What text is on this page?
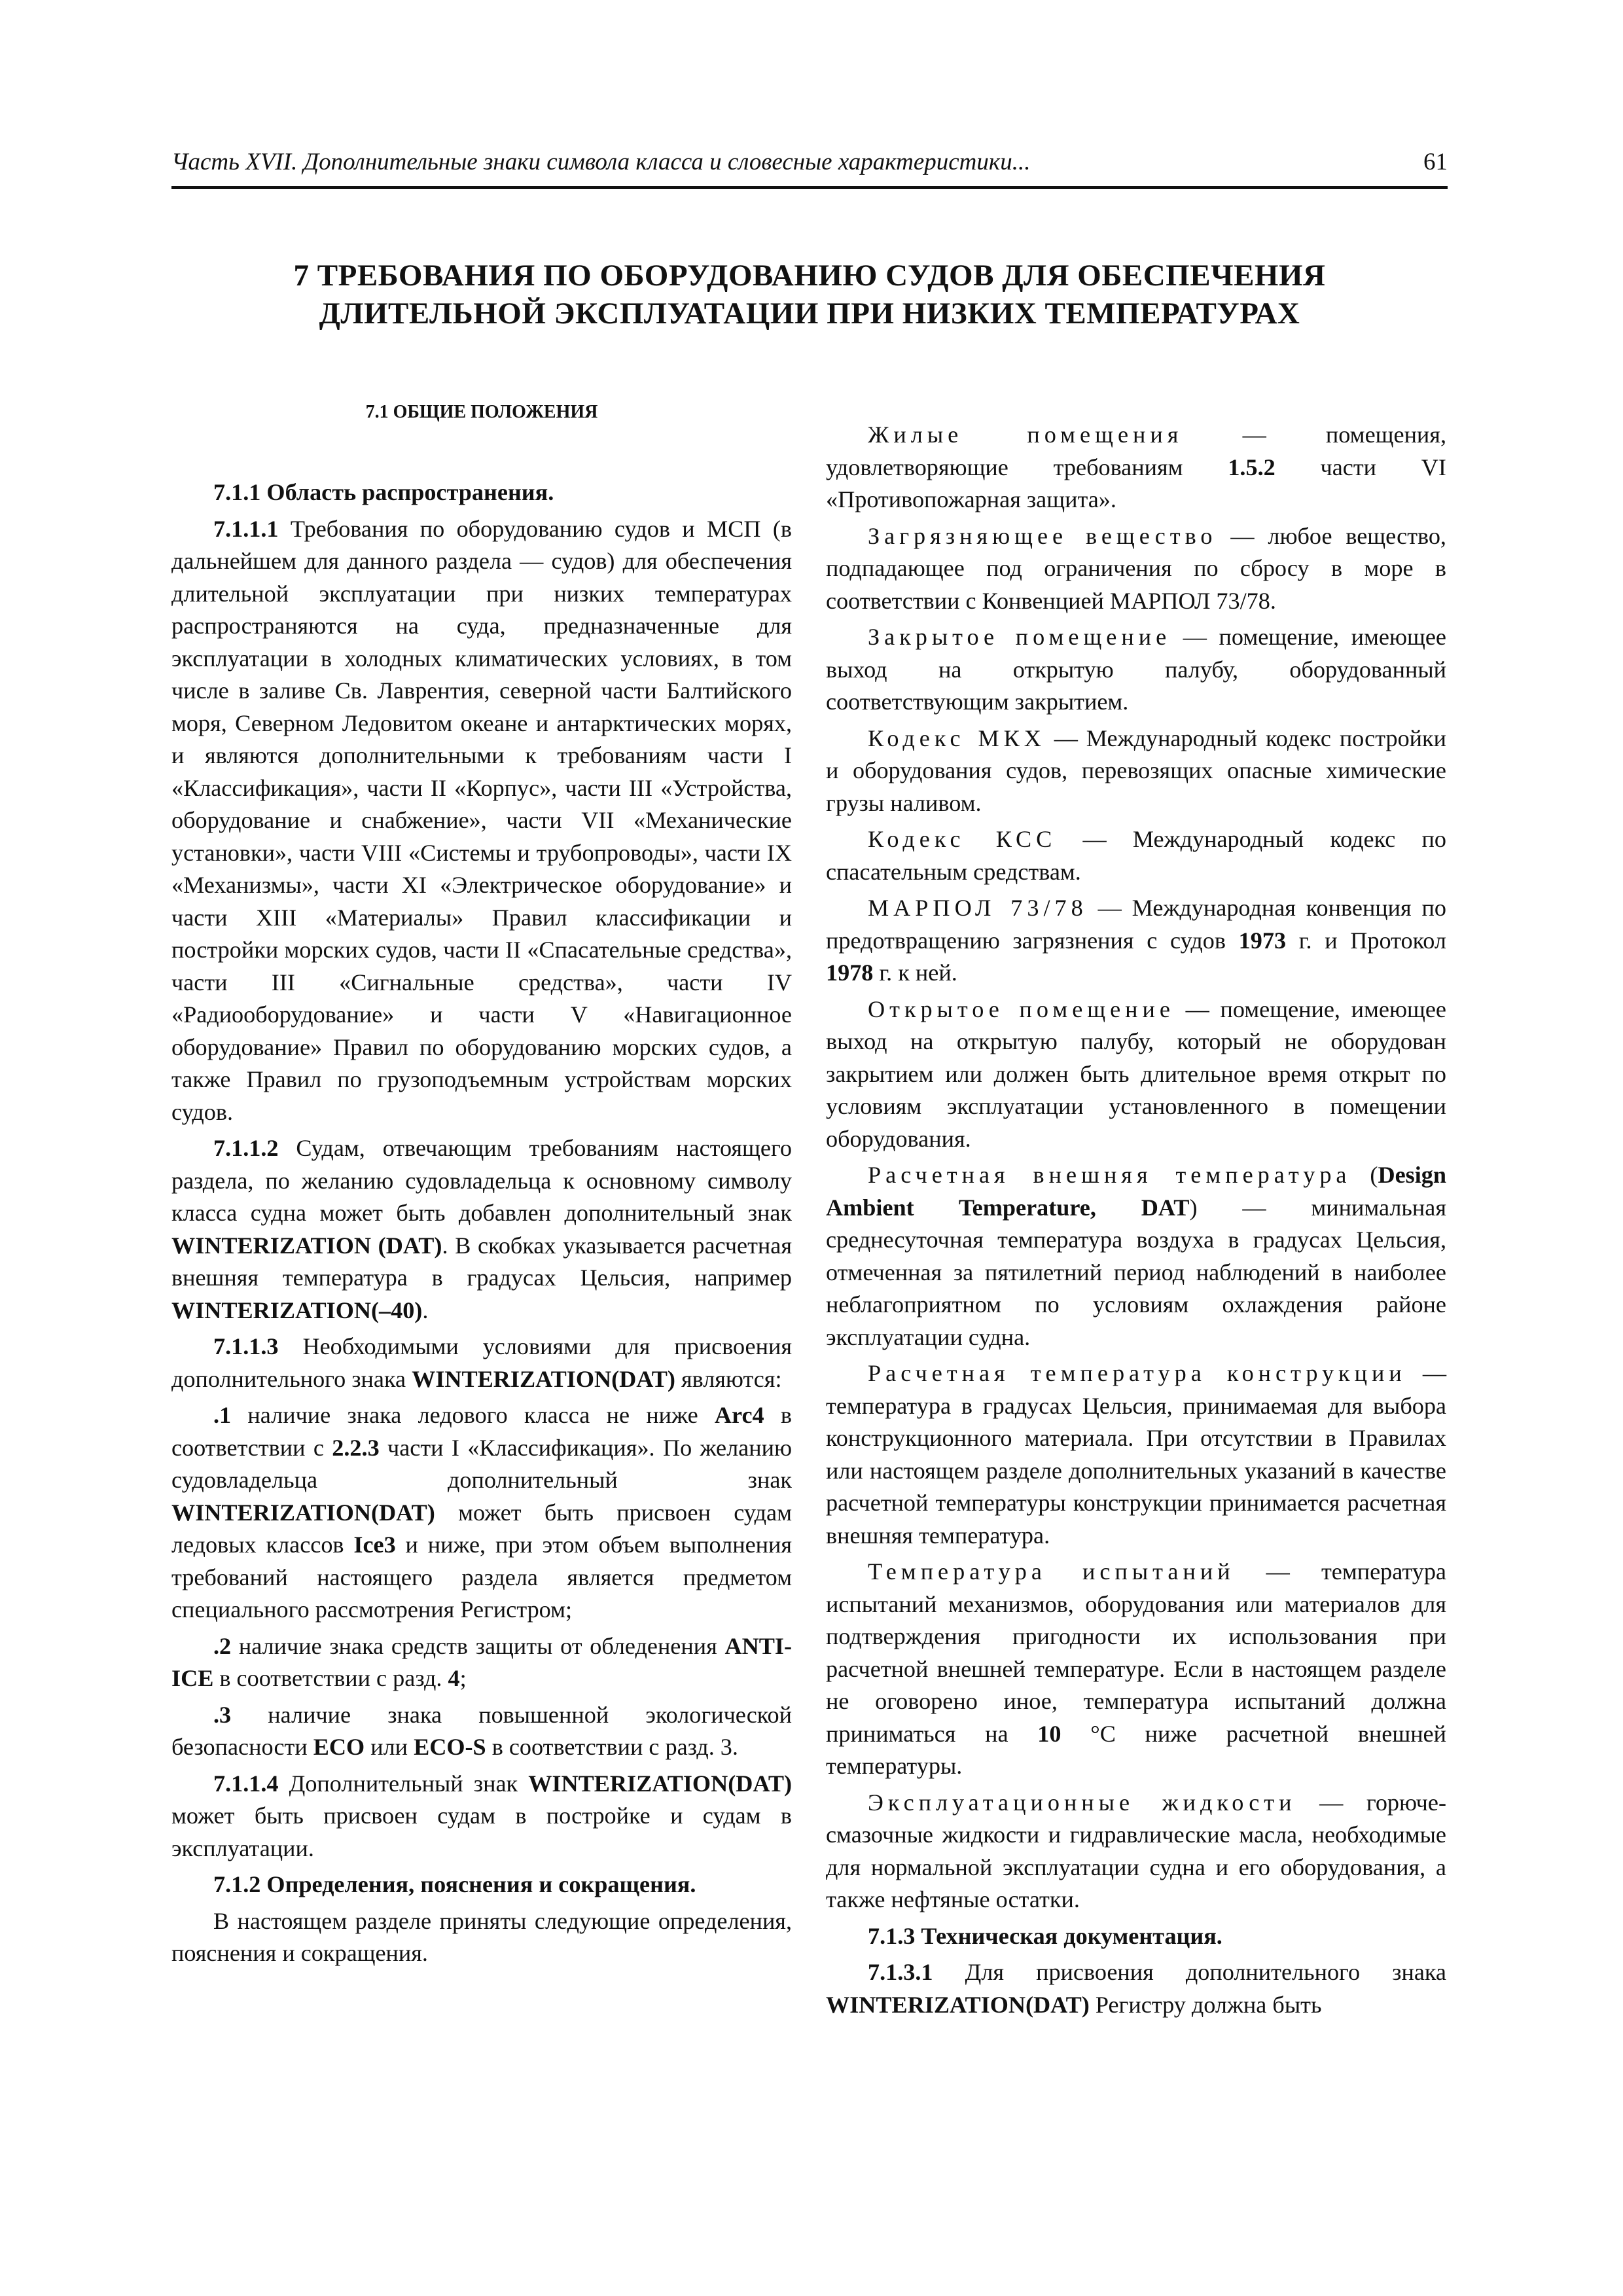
Часть XVII. Дополнительные знаки символа класса и словесные характеристики...	61
7 ТРЕБОВАНИЯ ПО ОБОРУДОВАНИЮ СУДОВ ДЛЯ ОБЕСПЕЧЕНИЯ
ДЛИТЕЛЬНОЙ ЭКСПЛУАТАЦИИ ПРИ НИЗКИХ ТЕМПЕРАТУРАХ

7.1 ОБЩИЕ ПОЛОЖЕНИЯ

7.1.1 Область распространения.

7.1.1.1 Требования по оборудованию судов и МСП (в дальнейшем для данного раздела — судов) для обеспечения длительной эксплуатации при низких температурах распространяются на суда, предназначенные для эксплуатации в холодных климатических условиях, в том числе в заливе Св. Лаврентия, северной части Балтийского моря, Северном Ледовитом океане и антарктических морях, и являются дополнительными к требованиям части I «Классификация», части II «Корпус», части III «Устройства, оборудование и снабжение», части VII «Механические установки», части VIII «Системы и трубопроводы», части IX «Механизмы», части XI «Электрическое оборудование» и части XIII «Материалы» Правил классификации и постройки морских судов, части II «Спасательные средства», части III «Сигнальные средства», части IV «Радиооборудование» и части V «Навигационное оборудование» Правил по оборудованию морских судов, а также Правил по грузоподъемным устройствам морских судов.

7.1.1.2 Судам, отвечающим требованиям настоящего раздела, по желанию судовладельца к основному символу класса судна может быть добавлен дополнительный знак WINTERIZATION (DAT). В скобках указывается расчетная внешняя температура в градусах Цельсия, например WINTERIZATION(–40).

7.1.1.3 Необходимыми условиями для присвоения дополнительного знака WINTERIZATION(DAT) являются:

.1 наличие знака ледового класса не ниже Arc4 в соответствии с 2.2.3 части I «Классификация». По желанию судовладельца дополнительный знак WINTERIZATION(DAT) может быть присвоен судам ледовых классов Ice3 и ниже, при этом объем выполнения требований настоящего раздела является предметом специального рассмотрения Регистром;

.2 наличие знака средств защиты от обледенения ANTI-ICE в соответствии с разд. 4;

.3 наличие знака повышенной экологической безопасности ECO или ECO-S в соответствии с разд. 3.

7.1.1.4 Дополнительный знак WINTERIZATION(DAT) может быть присвоен судам в постройке и судам в эксплуатации.

7.1.2 Определения, пояснения и сокращения.

В настоящем разделе приняты следующие определения, пояснения и сокращения.

Жилые помещения — помещения, удовлетворяющие требованиям 1.5.2 части VI «Противопожарная защита».

Загрязняющее вещество — любое вещество, подпадающее под ограничения по сбросу в море в соответствии с Конвенцией МАРПОЛ 73/78.

Закрытое помещение — помещение, имеющее выход на открытую палубу, оборудованный соответствующим закрытием.

Кодекс МКХ — Международный кодекс постройки и оборудования судов, перевозящих опасные химические грузы наливом.

Кодекс КСС — Международный кодекс по спасательным средствам.

МАРПОЛ 73/78 — Международная конвенция по предотвращению загрязнения с судов 1973 г. и Протокол 1978 г. к ней.

Открытое помещение — помещение, имеющее выход на открытую палубу, который не оборудован закрытием или должен быть длительное время открыт по условиям эксплуатации установленного в помещении оборудования.

Расчетная внешняя температура (Design Ambient Temperature, DAT) — минимальная среднесуточная температура воздуха в градусах Цельсия, отмеченная за пятилетний период наблюдений в наиболее неблагоприятном по условиям охлаждения районе эксплуатации судна.

Расчетная температура конструкции — температура в градусах Цельсия, принимаемая для выбора конструкционного материала. При отсутствии в Правилах или настоящем разделе дополнительных указаний в качестве расчетной температуры конструкции принимается расчетная внешняя температура.

Температура испытаний — температура испытаний механизмов, оборудования или материалов для подтверждения пригодности их использования при расчетной внешней температуре. Если в настоящем разделе не оговорено иное, температура испытаний должна приниматься на 10 °С ниже расчетной внешней температуры.

Эксплуатационные жидкости — горюче-смазочные жидкости и гидравлические масла, необходимые для нормальной эксплуатации судна и его оборудования, а также нефтяные остатки.

7.1.3 Техническая документация.

7.1.3.1 Для присвоения дополнительного знака WINTERIZATION(DAT) Регистру должна быть
